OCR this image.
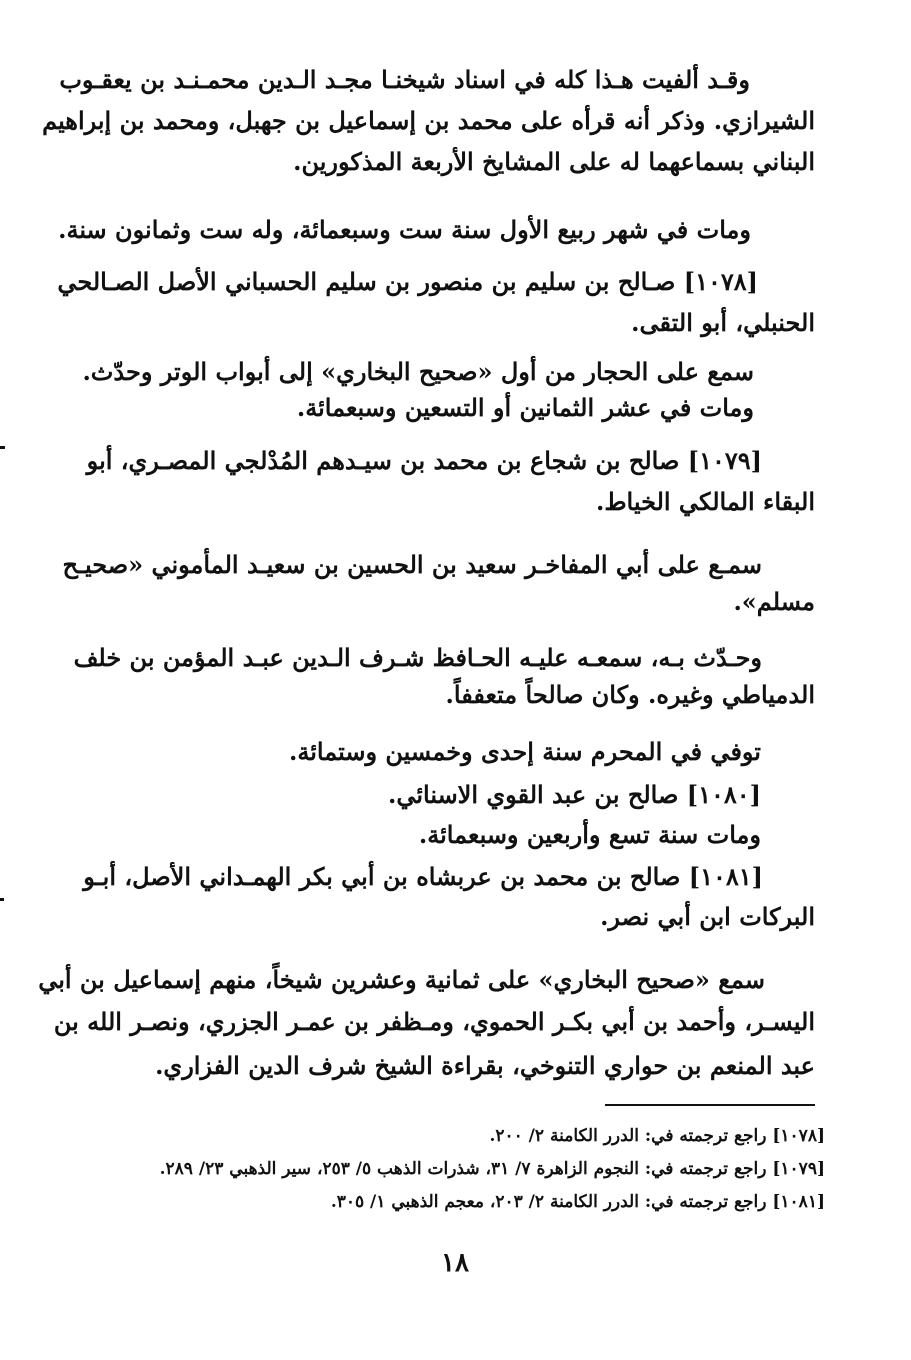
وقـد ألفيت هـذا كله في اسناد شيخنـا مجـد الـدين محمـنـد بن يعقـوب
الشيرازي. وذكر أنه قرأه على محمد بن إسماعيل بن جهبل، ومحمد بن إبراهيم
البناني بسماعهما له على المشايخ الأربعة المذكورين.
ومات في شهر ربيع الأول سنة ست وسبعمائة، وله ست وثمانون سنة.
[١٠٧٨] صـالح بن سليم بن منصور بن سليم الحسباني الأصل الصـالحي
الحنبلي، أبو التقى.
سمع على الحجار من أول «صحيح البخاري» إلى أبواب الوتر وحدّث.
ومات في عشر الثمانين أو التسعين وسبعمائة.
[١٠٧٩] صالح بن شجاع بن محمد بن سيـدهم المُدْلجي المصـري، أبو
البقاء المالكي الخياط.
سمـع على أبي المفاخـر سعيد بن الحسين بن سعيـد المأموني «صحيـح
مسلم».
وحـدّث بـه، سمعـه عليـه الحـافظ شـرف الـدين عبـد المؤمن بن خلف
الدمياطي وغيره. وكان صالحاً متعففاً.
توفي في المحرم سنة إحدى وخمسين وستمائة.
[١٠٨٠] صالح بن عبد القوي الاسنائي.
ومات سنة تسع وأربعين وسبعمائة.
[١٠٨١] صالح بن محمد بن عربشاه بن أبي بكر الهمـداني الأصل، أبـو
البركات ابن أبي نصر.
سمع «صحيح البخاري» على ثمانية وعشرين شيخاً، منهم إسماعيل بن أبي
اليسـر، وأحمد بن أبي بكـر الحموي، ومـظفر بن عمـر الجزري، ونصـر الله بن
عبد المنعم بن حواري التنوخي، بقراءة الشيخ شرف الدين الفزاري.
[١٠٧٨] راجع ترجمته في: الدرر الكامنة ٢/ ٢٠٠.
[١٠٧٩] راجع ترجمته في: النجوم الزاهرة ٧/ ٣١، شذرات الذهب ٥/ ٢٥٣، سير الذهبي ٢٣/ ٢٨٩.
[١٠٨١] راجع ترجمته في: الدرر الكامنة ٢/ ٢٠٣، معجم الذهبي ١/ ٣٠٥.
١٨
